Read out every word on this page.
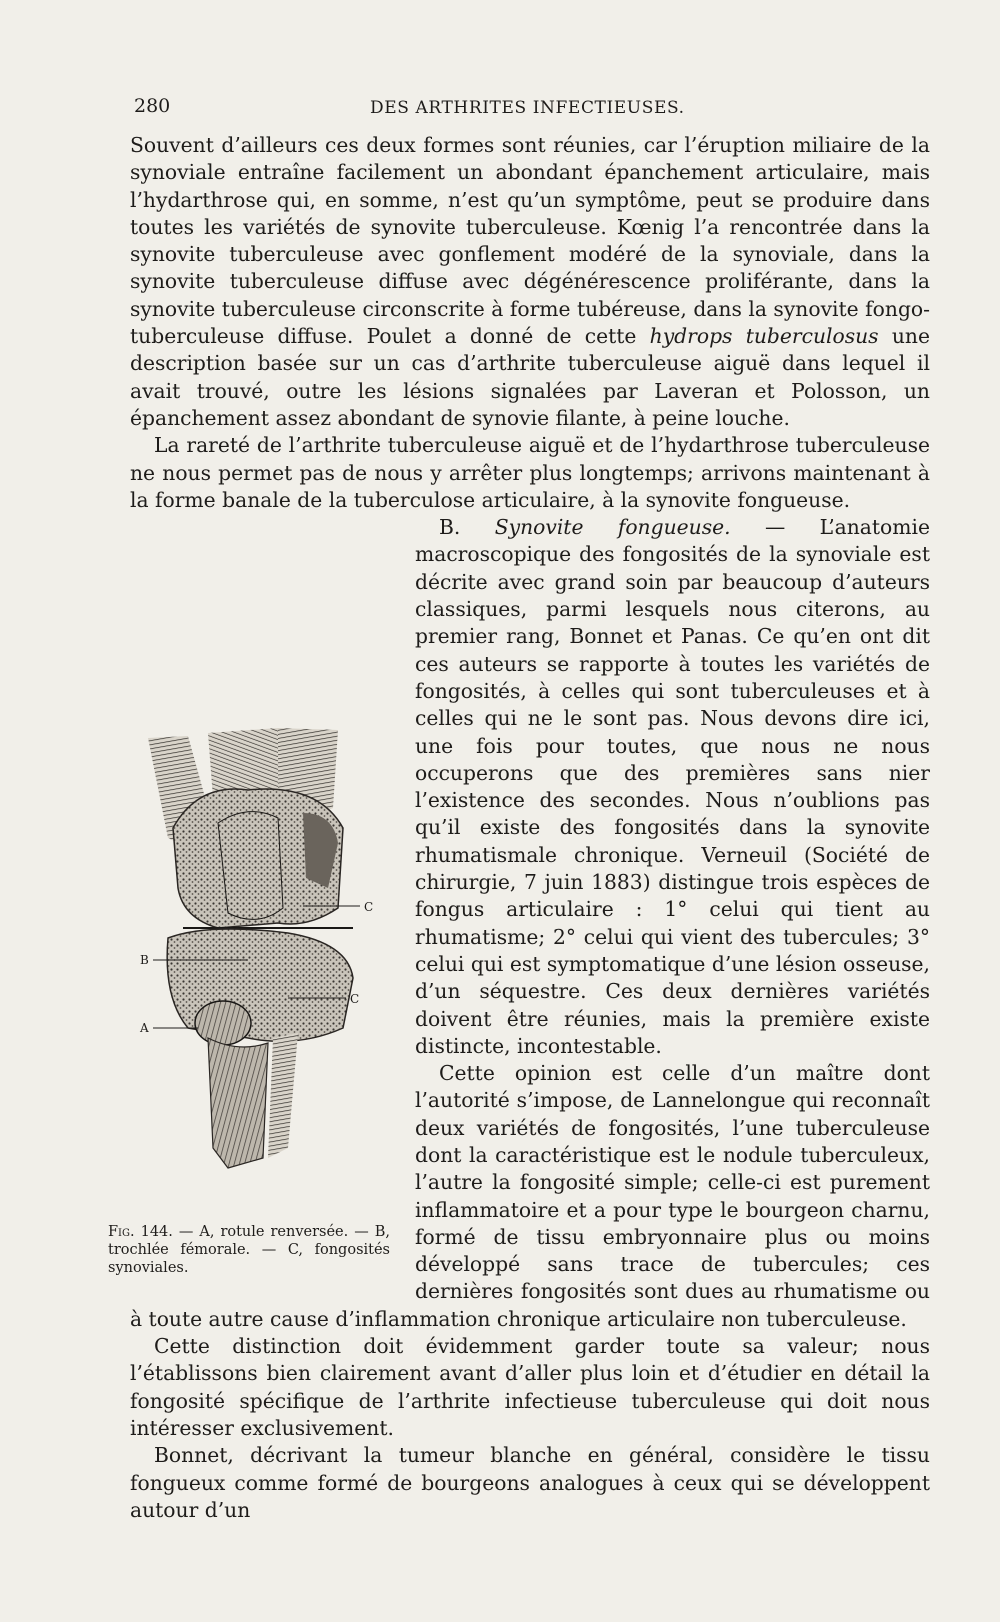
280	DES ARTHRITES INFECTIEUSES.

Souvent d’ailleurs ces deux formes sont réunies, car l’éruption miliaire de la synoviale entraîne facilement un abondant épanchement articulaire, mais l’hydarthrose qui, en somme, n’est qu’un symptôme, peut se produire dans toutes les variétés de synovite tuberculeuse. Kœnig l’a rencontrée dans la synovite tuberculeuse avec gonflement modéré de la synoviale, dans la synovite tuberculeuse diffuse avec dégénérescence proliférante, dans la synovite tuberculeuse circonscrite à forme tubéreuse, dans la synovite fongo-tuberculeuse diffuse. Poulet a donné de cette hydrops tuberculosus une description basée sur un cas d’arthrite tuberculeuse aiguë dans lequel il avait trouvé, outre les lésions signalées par Laveran et Polosson, un épanchement assez abondant de synovie filante, à peine louche.

La rareté de l’arthrite tuberculeuse aiguë et de l’hydarthrose tuberculeuse ne nous permet pas de nous y arrêter plus longtemps; arrivons maintenant à la forme banale de la tuberculose articulaire, à la synovite fongueuse.

B. Synovite fongueuse. — L’anatomie macroscopique des fongosités de la synoviale est décrite avec grand soin par beaucoup d’auteurs classiques, parmi lesquels nous citerons, au premier rang, Bonnet et Panas. Ce qu’en ont dit ces auteurs se rapporte à toutes les variétés de fongosités, à celles qui sont tuberculeuses et à celles qui ne le sont pas. Nous devons dire ici, une fois pour toutes, que nous ne nous occuperons que des premières sans nier l’existence des secondes. Nous n’oublions pas qu’il existe des fongosités dans la synovite rhumatismale chronique. Verneuil (Société de chirurgie, 7 juin 1883) distingue trois espèces de fongus articulaire : 1° celui qui tient au rhumatisme; 2° celui qui vient des tubercules; 3° celui qui est symptomatique d’une lésion osseuse, d’un séquestre. Ces deux dernières variétés doivent être réunies, mais la première existe distincte, incontestable.

Cette opinion est celle d’un maître dont l’autorité s’impose, de Lannelongue qui reconnaît deux variétés de fongosités, l’une tuberculeuse dont la caractéristique est le nodule tuberculeux, l’autre la fongosité simple; celle-ci est purement inflammatoire et a pour type le bourgeon charnu, formé de tissu embryonnaire plus ou moins développé sans trace de tubercules; ces dernières fongosités sont dues au rhumatisme ou à toute autre cause d’inflammation chronique articulaire non tuberculeuse.

Cette distinction doit évidemment garder toute sa valeur; nous l’établissons bien clairement avant d’aller plus loin et d’étudier en détail la fongosité spécifique de l’arthrite infectieuse tuberculeuse qui doit nous intéresser exclusivement.

Bonnet, décrivant la tumeur blanche en général, considère le tissu fongueux comme formé de bourgeons analogues à ceux qui se développent autour d’un

C
B
C
A
Fig. 144. — A, rotule renversée. — B, trochlée fémorale. — C, fongosités synoviales.
